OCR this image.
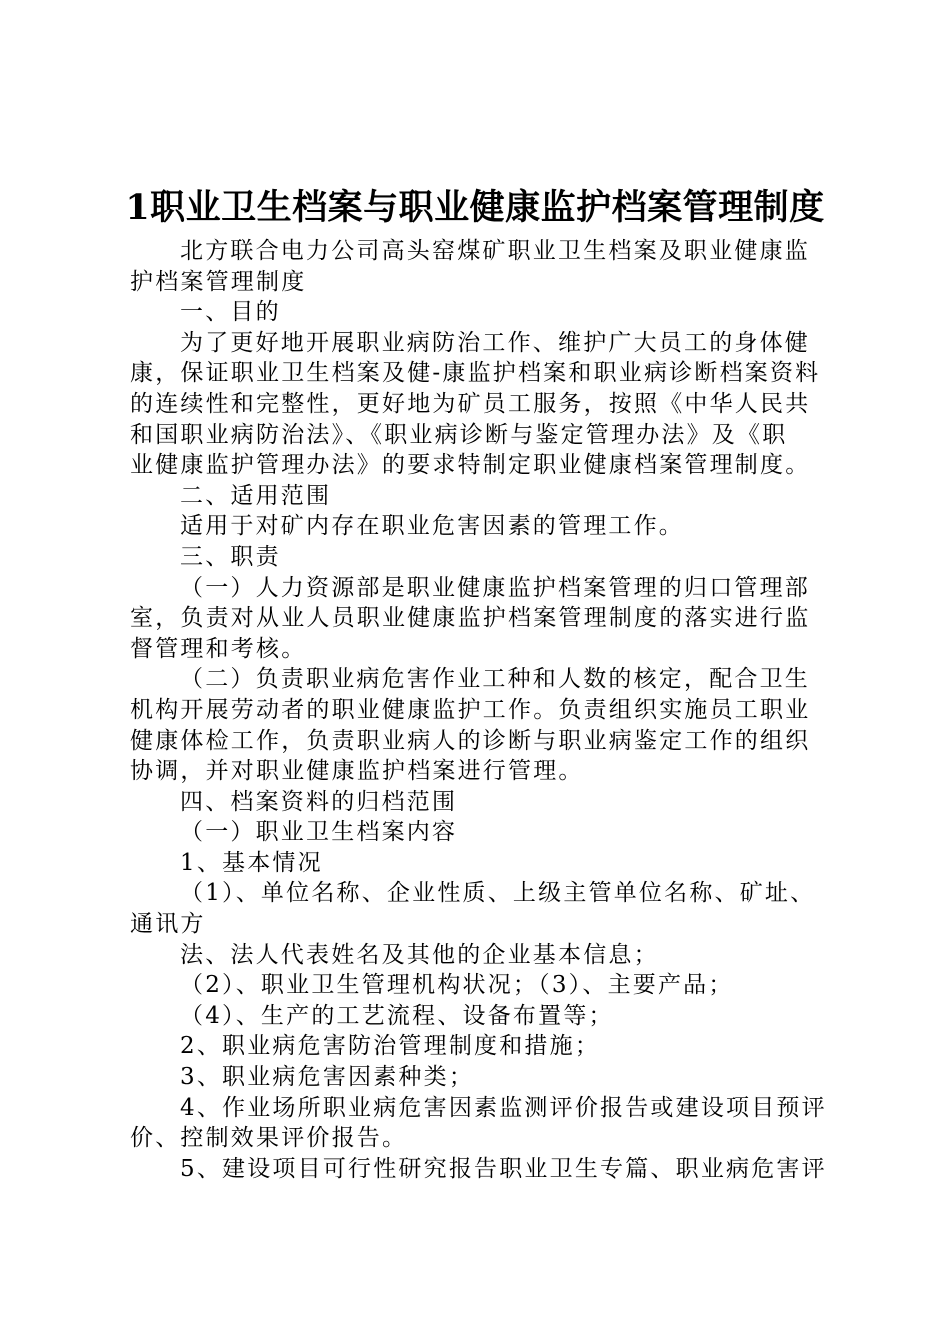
1职业卫生档案与职业健康监护档案管理制度
北方联合电力公司高头窑煤矿职业卫生档案及职业健康监
护档案管理制度
一、目的
为了更好地开展职业病防治工作、维护广大员工的身体健
康，保证职业卫生档案及健-康监护档案和职业病诊断档案资料
的连续性和完整性，更好地为矿员工服务，按照《中华人民共
和国职业病防治法》、《职业病诊断与鉴定管理办法》及《职
业健康监护管理办法》的要求特制定职业健康档案管理制度。
二、适用范围
适用于对矿内存在职业危害因素的管理工作。
三、职责
（一）人力资源部是职业健康监护档案管理的归口管理部
室，负责对从业人员职业健康监护档案管理制度的落实进行监
督管理和考核。
（二）负责职业病危害作业工种和人数的核定，配合卫生
机构开展劳动者的职业健康监护工作。负责组织实施员工职业
健康体检工作，负责职业病人的诊断与职业病鉴定工作的组织
协调，并对职业健康监护档案进行管理。
四、档案资料的归档范围
（一）职业卫生档案内容
1、基本情况
（1）、单位名称、企业性质、上级主管单位名称、矿址、
通讯方
法、法人代表姓名及其他的企业基本信息；
（2）、职业卫生管理机构状况；（3）、主要产品；
（4）、生产的工艺流程、设备布置等；
2、职业病危害防治管理制度和措施；
3、职业病危害因素种类；
4、作业场所职业病危害因素监测评价报告或建设项目预评
价、控制效果评价报告。
5、建设项目可行性研究报告职业卫生专篇、职业病危害评
